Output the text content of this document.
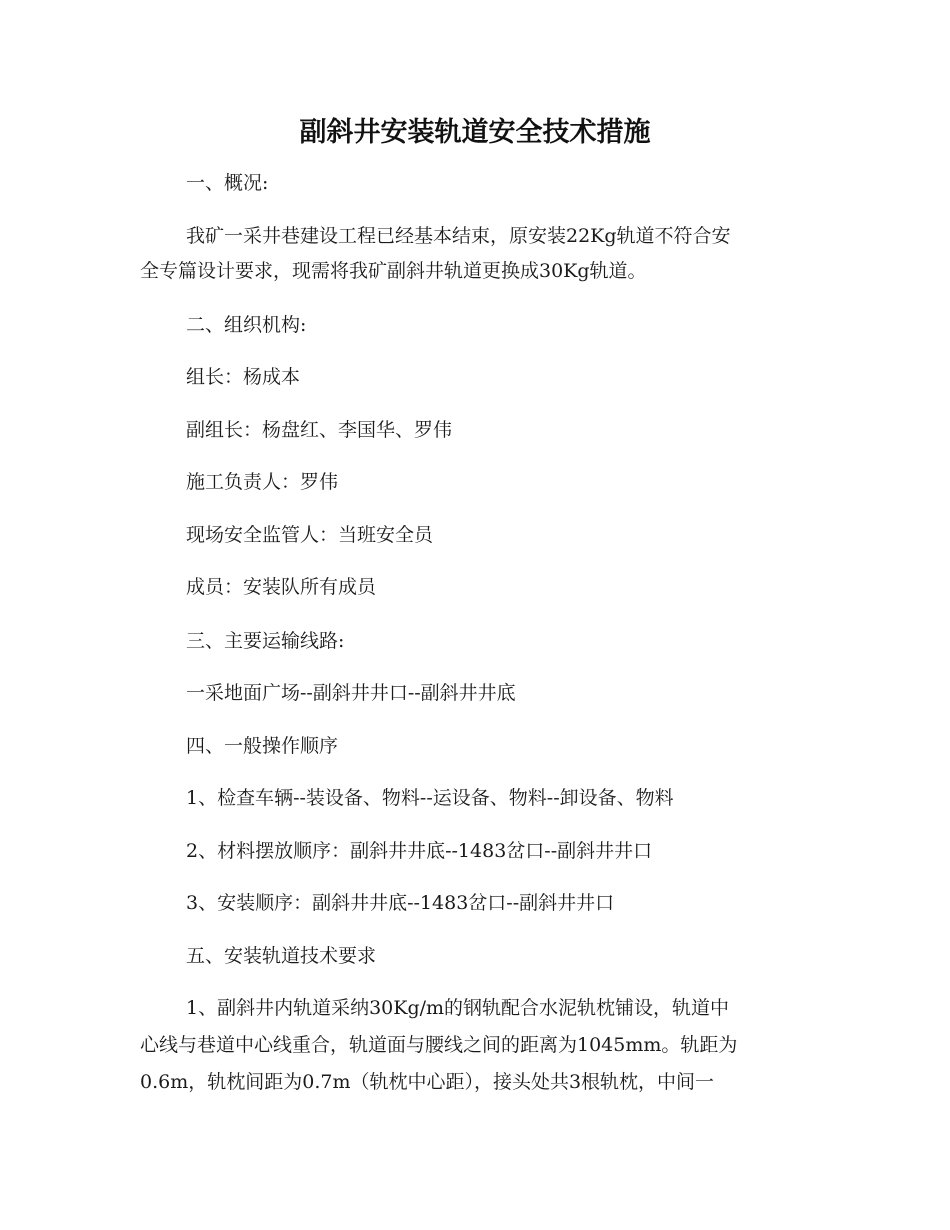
副斜井安装轨道安全技术措施
一、概况:
我矿一采井巷建设工程已经基本结束，原安装22Kg轨道不符合安
全专篇设计要求，现需将我矿副斜井轨道更换成30Kg轨道。
二、组织机构:
组长：杨成本
副组长：杨盘红、李国华、罗伟
施工负责人：罗伟
现场安全监管人：当班安全员
成员：安装队所有成员
三、主要运输线路:
一采地面广场--副斜井井口--副斜井井底
四、一般操作顺序
1、检查车辆--装设备、物料--运设备、物料--卸设备、物料
2、材料摆放顺序：副斜井井底--1483岔口--副斜井井口
3、安装顺序：副斜井井底--1483岔口--副斜井井口
五、安装轨道技术要求
1、副斜井内轨道采纳30Kg/m的钢轨配合水泥轨枕铺设，轨道中
心线与巷道中心线重合，轨道面与腰线之间的距离为1045mm。轨距为
0.6m，轨枕间距为0.7m（轨枕中心距），接头处共3根轨枕，中间一
